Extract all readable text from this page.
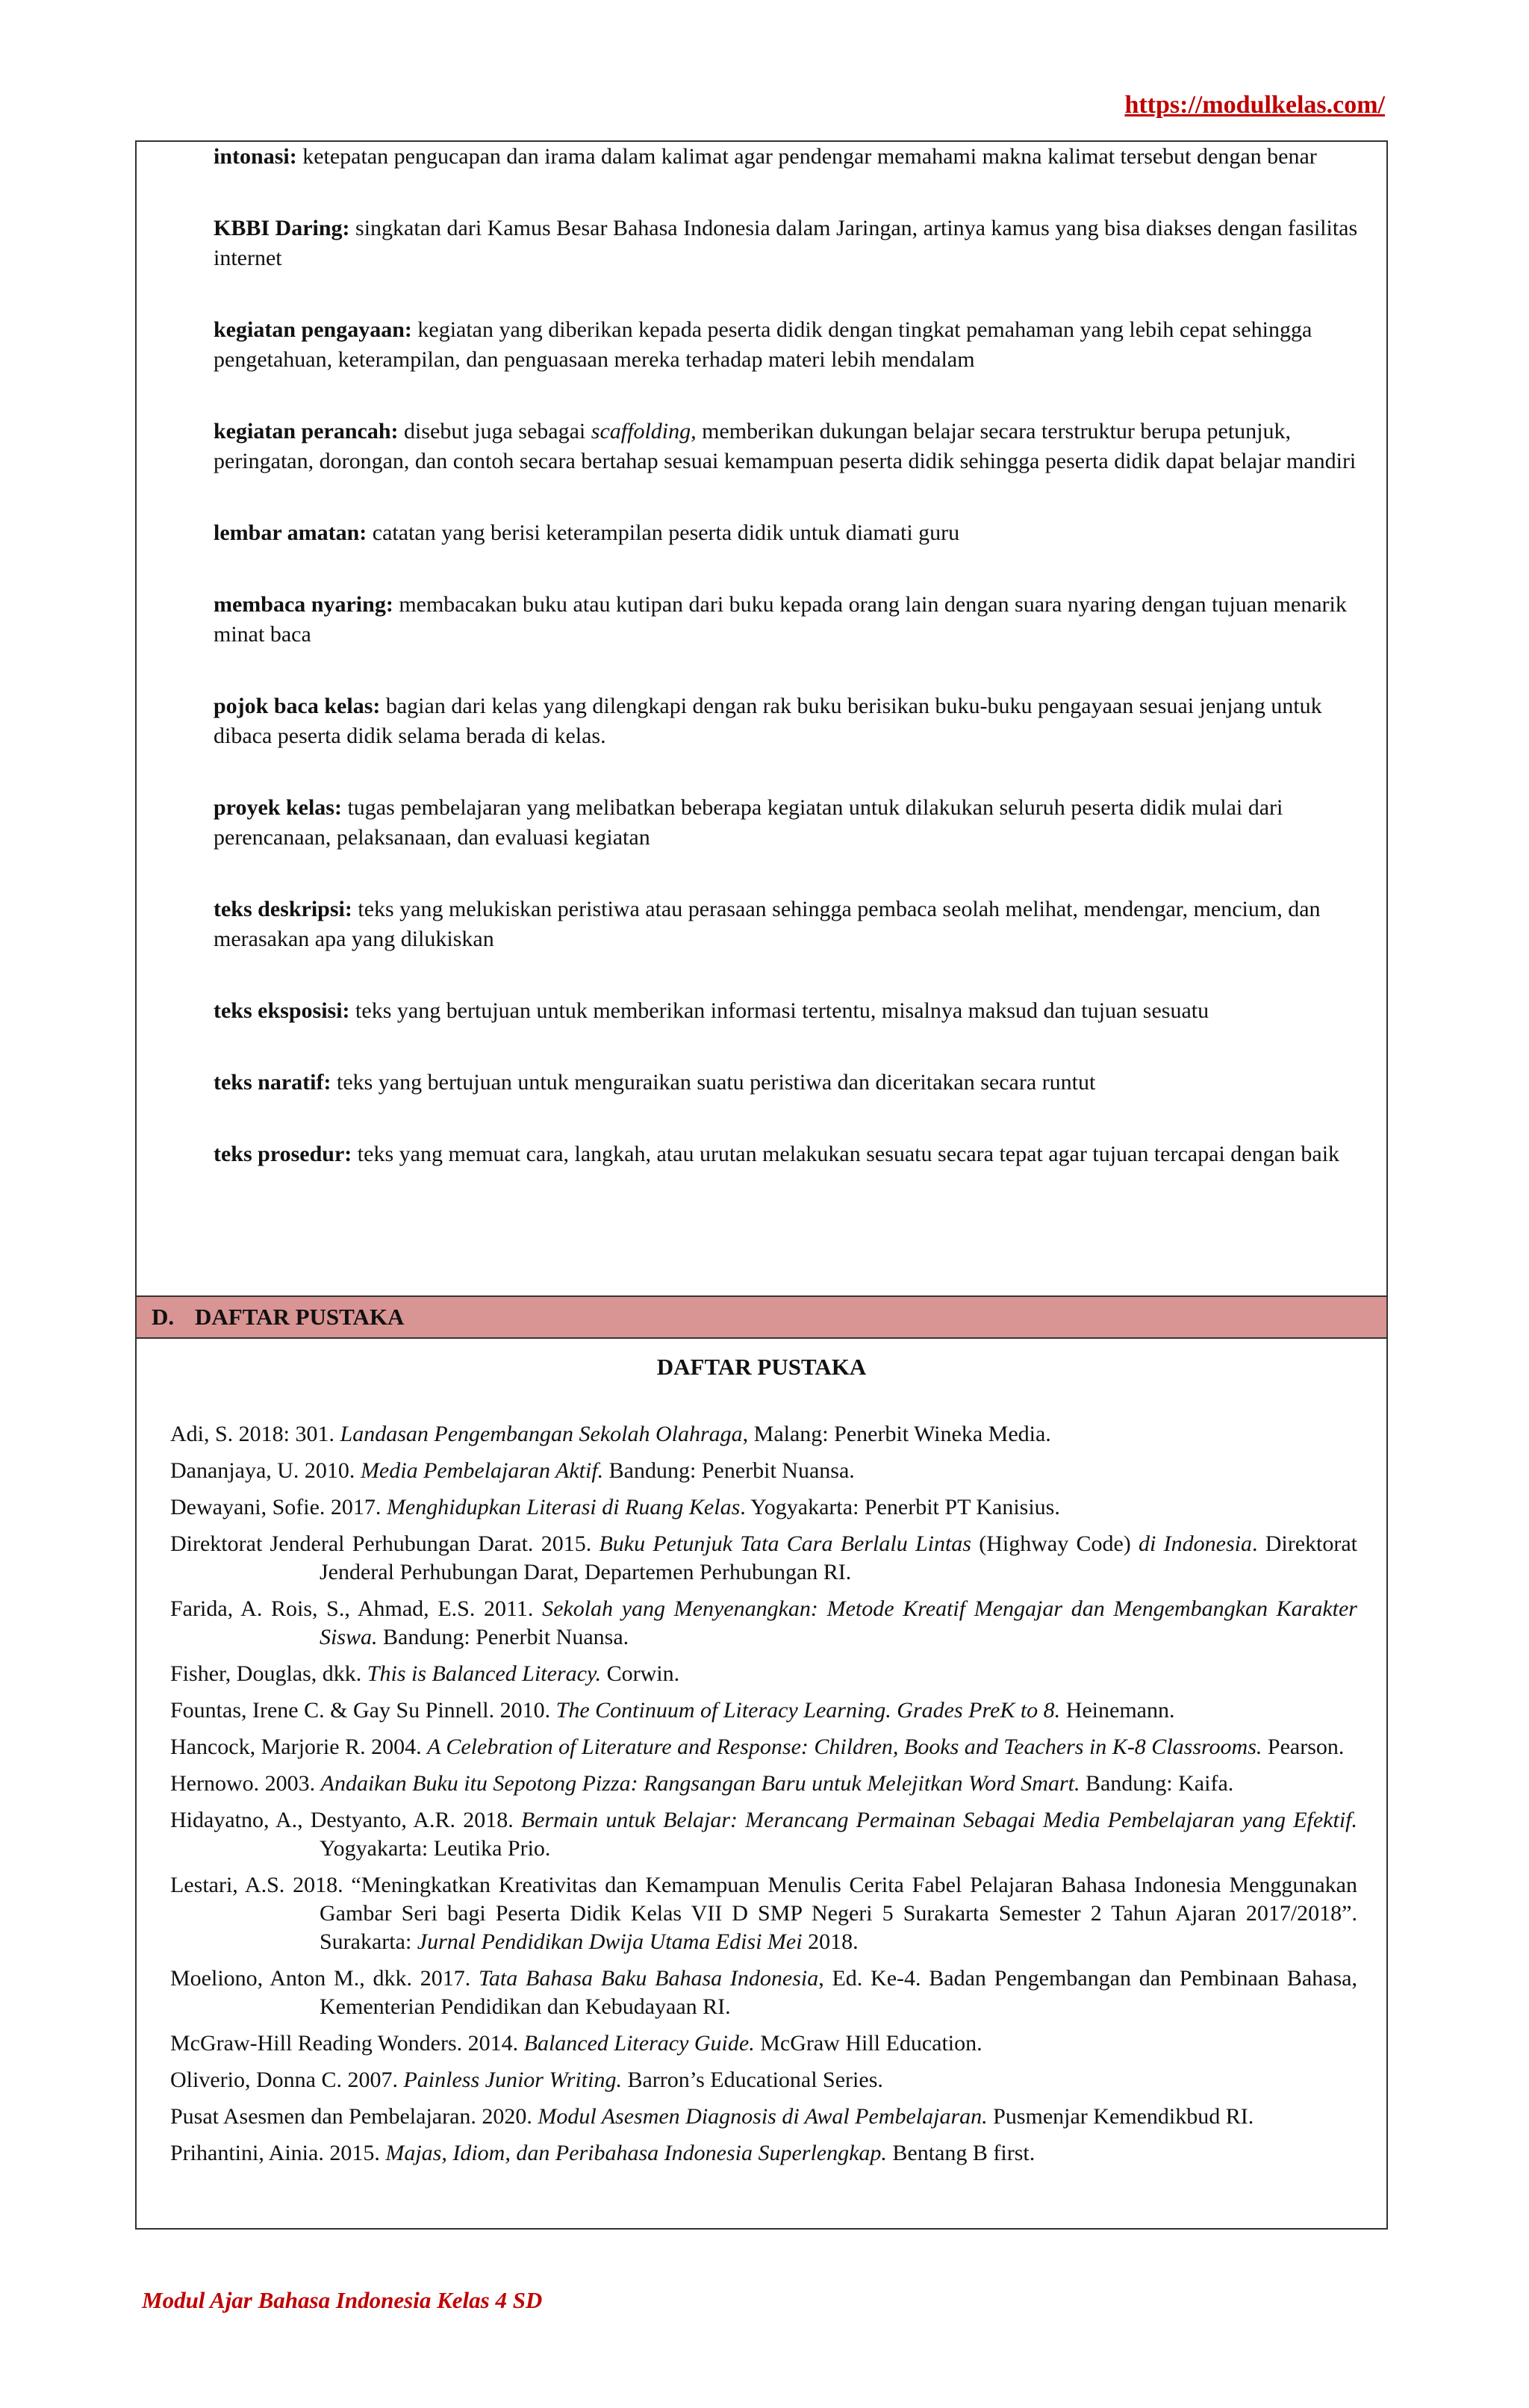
https://modulkelas.com/

intonasi: ketepatan pengucapan dan irama dalam kalimat agar pendengar memahami makna kalimat tersebut dengan benar

KBBI Daring: singkatan dari Kamus Besar Bahasa Indonesia dalam Jaringan, artinya kamus yang bisa diakses dengan fasilitas internet

kegiatan pengayaan: kegiatan yang diberikan kepada peserta didik dengan tingkat pemahaman yang lebih cepat sehingga pengetahuan, keterampilan, dan penguasaan mereka terhadap materi lebih mendalam

kegiatan perancah: disebut juga sebagai scaffolding, memberikan dukungan belajar secara terstruktur berupa petunjuk, peringatan, dorongan, dan contoh secara bertahap sesuai kemampuan peserta didik sehingga peserta didik dapat belajar mandiri

lembar amatan: catatan yang berisi keterampilan peserta didik untuk diamati guru

membaca nyaring: membacakan buku atau kutipan dari buku kepada orang lain dengan suara nyaring dengan tujuan menarik minat baca

pojok baca kelas: bagian dari kelas yang dilengkapi dengan rak buku berisikan buku-buku pengayaan sesuai jenjang untuk dibaca peserta didik selama berada di kelas.

proyek kelas: tugas pembelajaran yang melibatkan beberapa kegiatan untuk dilakukan seluruh peserta didik mulai dari perencanaan, pelaksanaan, dan evaluasi kegiatan

teks deskripsi: teks yang melukiskan peristiwa atau perasaan sehingga pembaca seolah melihat, mendengar, mencium, dan merasakan apa yang dilukiskan

teks eksposisi: teks yang bertujuan untuk memberikan informasi tertentu, misalnya maksud dan tujuan sesuatu

teks naratif: teks yang bertujuan untuk menguraikan suatu peristiwa dan diceritakan secara runtut

teks prosedur: teks yang memuat cara, langkah, atau urutan melakukan sesuatu secara tepat agar tujuan tercapai dengan baik

D. DAFTAR PUSTAKA
DAFTAR PUSTAKA
Adi, S. 2018: 301. Landasan Pengembangan Sekolah Olahraga, Malang: Penerbit Wineka Media.
Dananjaya, U. 2010. Media Pembelajaran Aktif. Bandung: Penerbit Nuansa.
Dewayani, Sofie. 2017. Menghidupkan Literasi di Ruang Kelas. Yogyakarta: Penerbit PT Kanisius.
Direktorat Jenderal Perhubungan Darat. 2015. Buku Petunjuk Tata Cara Berlalu Lintas (Highway Code) di Indonesia. Direktorat Jenderal Perhubungan Darat, Departemen Perhubungan RI.
Farida, A. Rois, S., Ahmad, E.S. 2011. Sekolah yang Menyenangkan: Metode Kreatif Mengajar dan Mengembangkan Karakter Siswa. Bandung: Penerbit Nuansa.
Fisher, Douglas, dkk. This is Balanced Literacy. Corwin.
Fountas, Irene C. & Gay Su Pinnell. 2010. The Continuum of Literacy Learning. Grades PreK to 8. Heinemann.
Hancock, Marjorie R. 2004. A Celebration of Literature and Response: Children, Books and Teachers in K-8 Classrooms. Pearson.
Hernowo. 2003. Andaikan Buku itu Sepotong Pizza: Rangsangan Baru untuk Melejitkan Word Smart. Bandung: Kaifa.
Hidayatno, A., Destyanto, A.R. 2018. Bermain untuk Belajar: Merancang Permainan Sebagai Media Pembelajaran yang Efektif. Yogyakarta: Leutika Prio.
Lestari, A.S. 2018. “Meningkatkan Kreativitas dan Kemampuan Menulis Cerita Fabel Pelajaran Bahasa Indonesia Menggunakan Gambar Seri bagi Peserta Didik Kelas VII D SMP Negeri 5 Surakarta Semester 2 Tahun Ajaran 2017/2018”. Surakarta: Jurnal Pendidikan Dwija Utama Edisi Mei 2018.
Moeliono, Anton M., dkk. 2017. Tata Bahasa Baku Bahasa Indonesia, Ed. Ke-4. Badan Pengembangan dan Pembinaan Bahasa, Kementerian Pendidikan dan Kebudayaan RI.
McGraw-Hill Reading Wonders. 2014. Balanced Literacy Guide. McGraw Hill Education.
Oliverio, Donna C. 2007. Painless Junior Writing. Barron’s Educational Series.
Pusat Asesmen dan Pembelajaran. 2020. Modul Asesmen Diagnosis di Awal Pembelajaran. Pusmenjar Kemendikbud RI.
Prihantini, Ainia. 2015. Majas, Idiom, dan Peribahasa Indonesia Superlengkap. Bentang B first.
Modul Ajar Bahasa Indonesia Kelas 4 SD
